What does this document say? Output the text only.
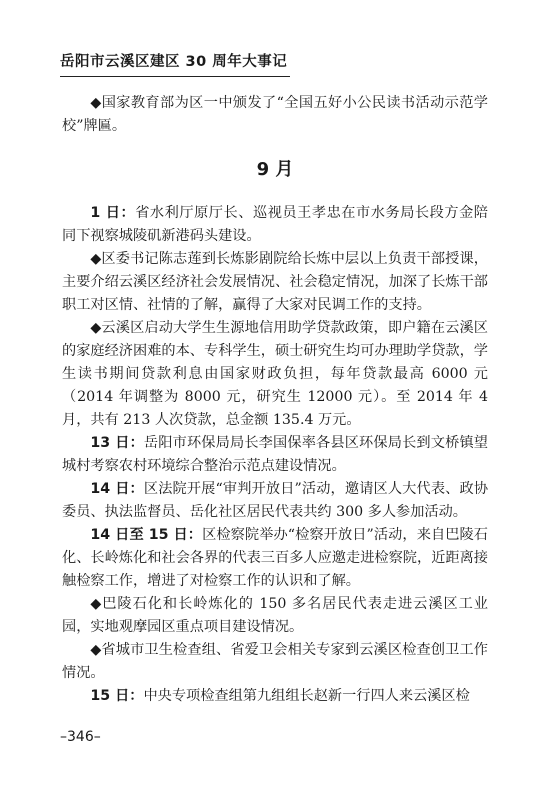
岳阳市云溪区建区 30 周年大事记

◆国家教育部为区一中颁发了“全国五好小公民读书活动示范学校”牌匾。

9 月

1 日：省水利厅原厅长、巡视员王孝忠在市水务局长段方金陪同下视察城陵矶新港码头建设。

◆区委书记陈志莲到长炼影剧院给长炼中层以上负责干部授课，主要介绍云溪区经济社会发展情况、社会稳定情况，加深了长炼干部职工对区情、社情的了解，赢得了大家对民调工作的支持。

◆云溪区启动大学生生源地信用助学贷款政策，即户籍在云溪区的家庭经济困难的本、专科学生，硕士研究生均可办理助学贷款，学生读书期间贷款利息由国家财政负担，每年贷款最高 6000 元（2014 年调整为 8000 元，研究生 12000 元）。至 2014 年 4 月，共有 213 人次贷款，总金额 135.4 万元。

13 日：岳阳市环保局局长李国保率各县区环保局长到文桥镇望城村考察农村环境综合整治示范点建设情况。

14 日：区法院开展“审判开放日”活动，邀请区人大代表、政协委员、执法监督员、岳化社区居民代表共约 300 多人参加活动。

14 日至 15 日：区检察院举办“检察开放日”活动，来自巴陵石化、长岭炼化和社会各界的代表三百多人应邀走进检察院，近距离接触检察工作，增进了对检察工作的认识和了解。

◆巴陵石化和长岭炼化的 150 多名居民代表走进云溪区工业园，实地观摩园区重点项目建设情况。

◆省城市卫生检查组、省爱卫会相关专家到云溪区检查创卫工作情况。

15 日：中央专项检查组第九组组长赵新一行四人来云溪区检

–346–
